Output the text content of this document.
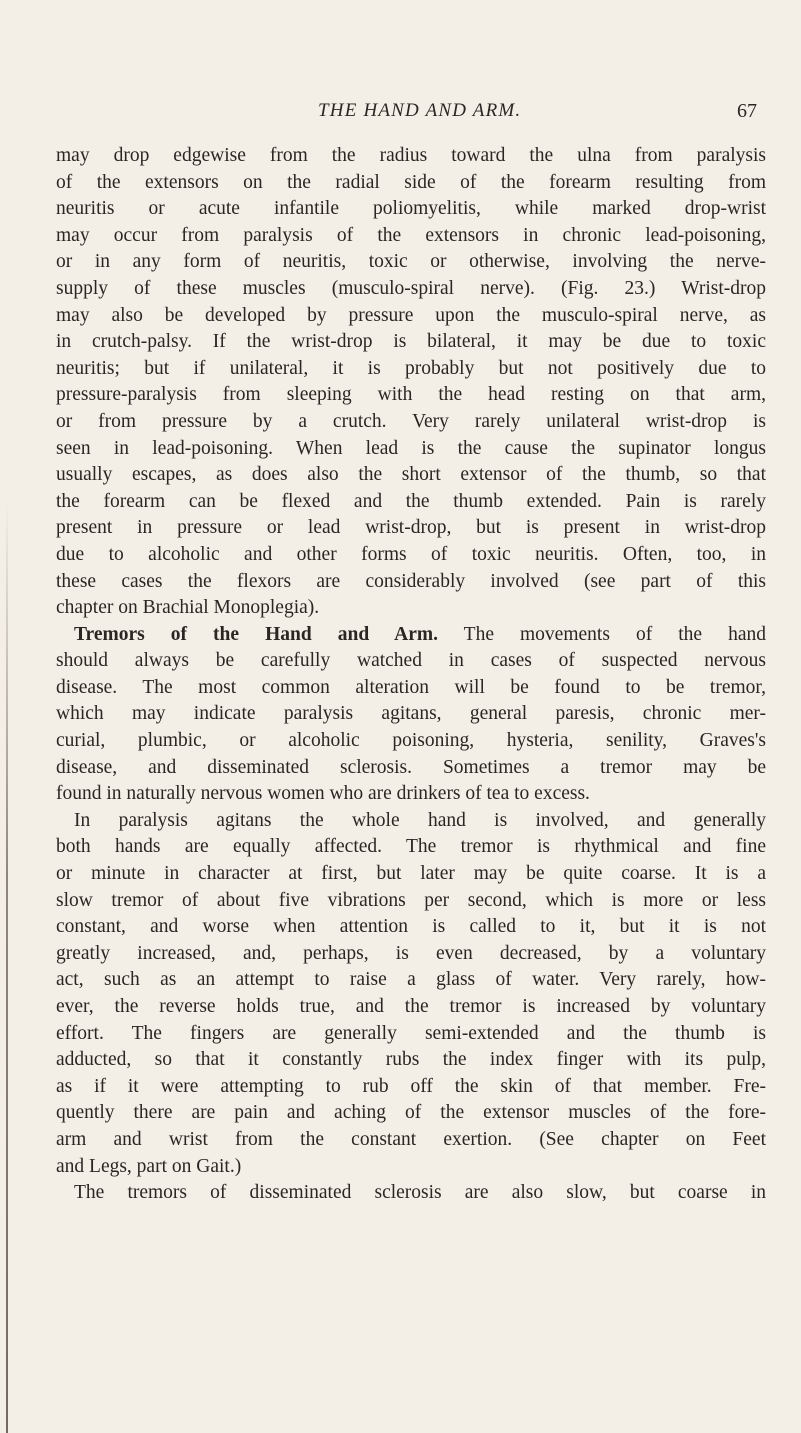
THE HAND AND ARM.	67
may drop edgewise from the radius toward the ulna from paralysis
of the extensors on the radial side of the forearm resulting from
neuritis or acute infantile poliomyelitis, while marked drop-wrist
may occur from paralysis of the extensors in chronic lead-poisoning,
or in any form of neuritis, toxic or otherwise, involving the nerve-
supply of these muscles (musculo-spiral nerve). (Fig. 23.) Wrist-drop
may also be developed by pressure upon the musculo-spiral nerve, as
in crutch-palsy. If the wrist-drop is bilateral, it may be due to toxic
neuritis; but if unilateral, it is probably but not positively due to
pressure-paralysis from sleeping with the head resting on that arm,
or from pressure by a crutch. Very rarely unilateral wrist-drop is
seen in lead-poisoning. When lead is the cause the supinator longus
usually escapes, as does also the short extensor of the thumb, so that
the forearm can be flexed and the thumb extended. Pain is rarely
present in pressure or lead wrist-drop, but is present in wrist-drop
due to alcoholic and other forms of toxic neuritis. Often, too, in
these cases the flexors are considerably involved (see part of this
chapter on Brachial Monoplegia).
Tremors of the Hand and Arm. The movements of the hand
should always be carefully watched in cases of suspected nervous
disease. The most common alteration will be found to be tremor,
which may indicate paralysis agitans, general paresis, chronic mer-
curial, plumbic, or alcoholic poisoning, hysteria, senility, Graves's
disease, and disseminated sclerosis. Sometimes a tremor may be
found in naturally nervous women who are drinkers of tea to excess.
In paralysis agitans the whole hand is involved, and generally
both hands are equally affected. The tremor is rhythmical and fine
or minute in character at first, but later may be quite coarse. It is a
slow tremor of about five vibrations per second, which is more or less
constant, and worse when attention is called to it, but it is not
greatly increased, and, perhaps, is even decreased, by a voluntary
act, such as an attempt to raise a glass of water. Very rarely, how-
ever, the reverse holds true, and the tremor is increased by voluntary
effort. The fingers are generally semi-extended and the thumb is
adducted, so that it constantly rubs the index finger with its pulp,
as if it were attempting to rub off the skin of that member. Fre-
quently there are pain and aching of the extensor muscles of the fore-
arm and wrist from the constant exertion. (See chapter on Feet
and Legs, part on Gait.)
The tremors of disseminated sclerosis are also slow, but coarse in
